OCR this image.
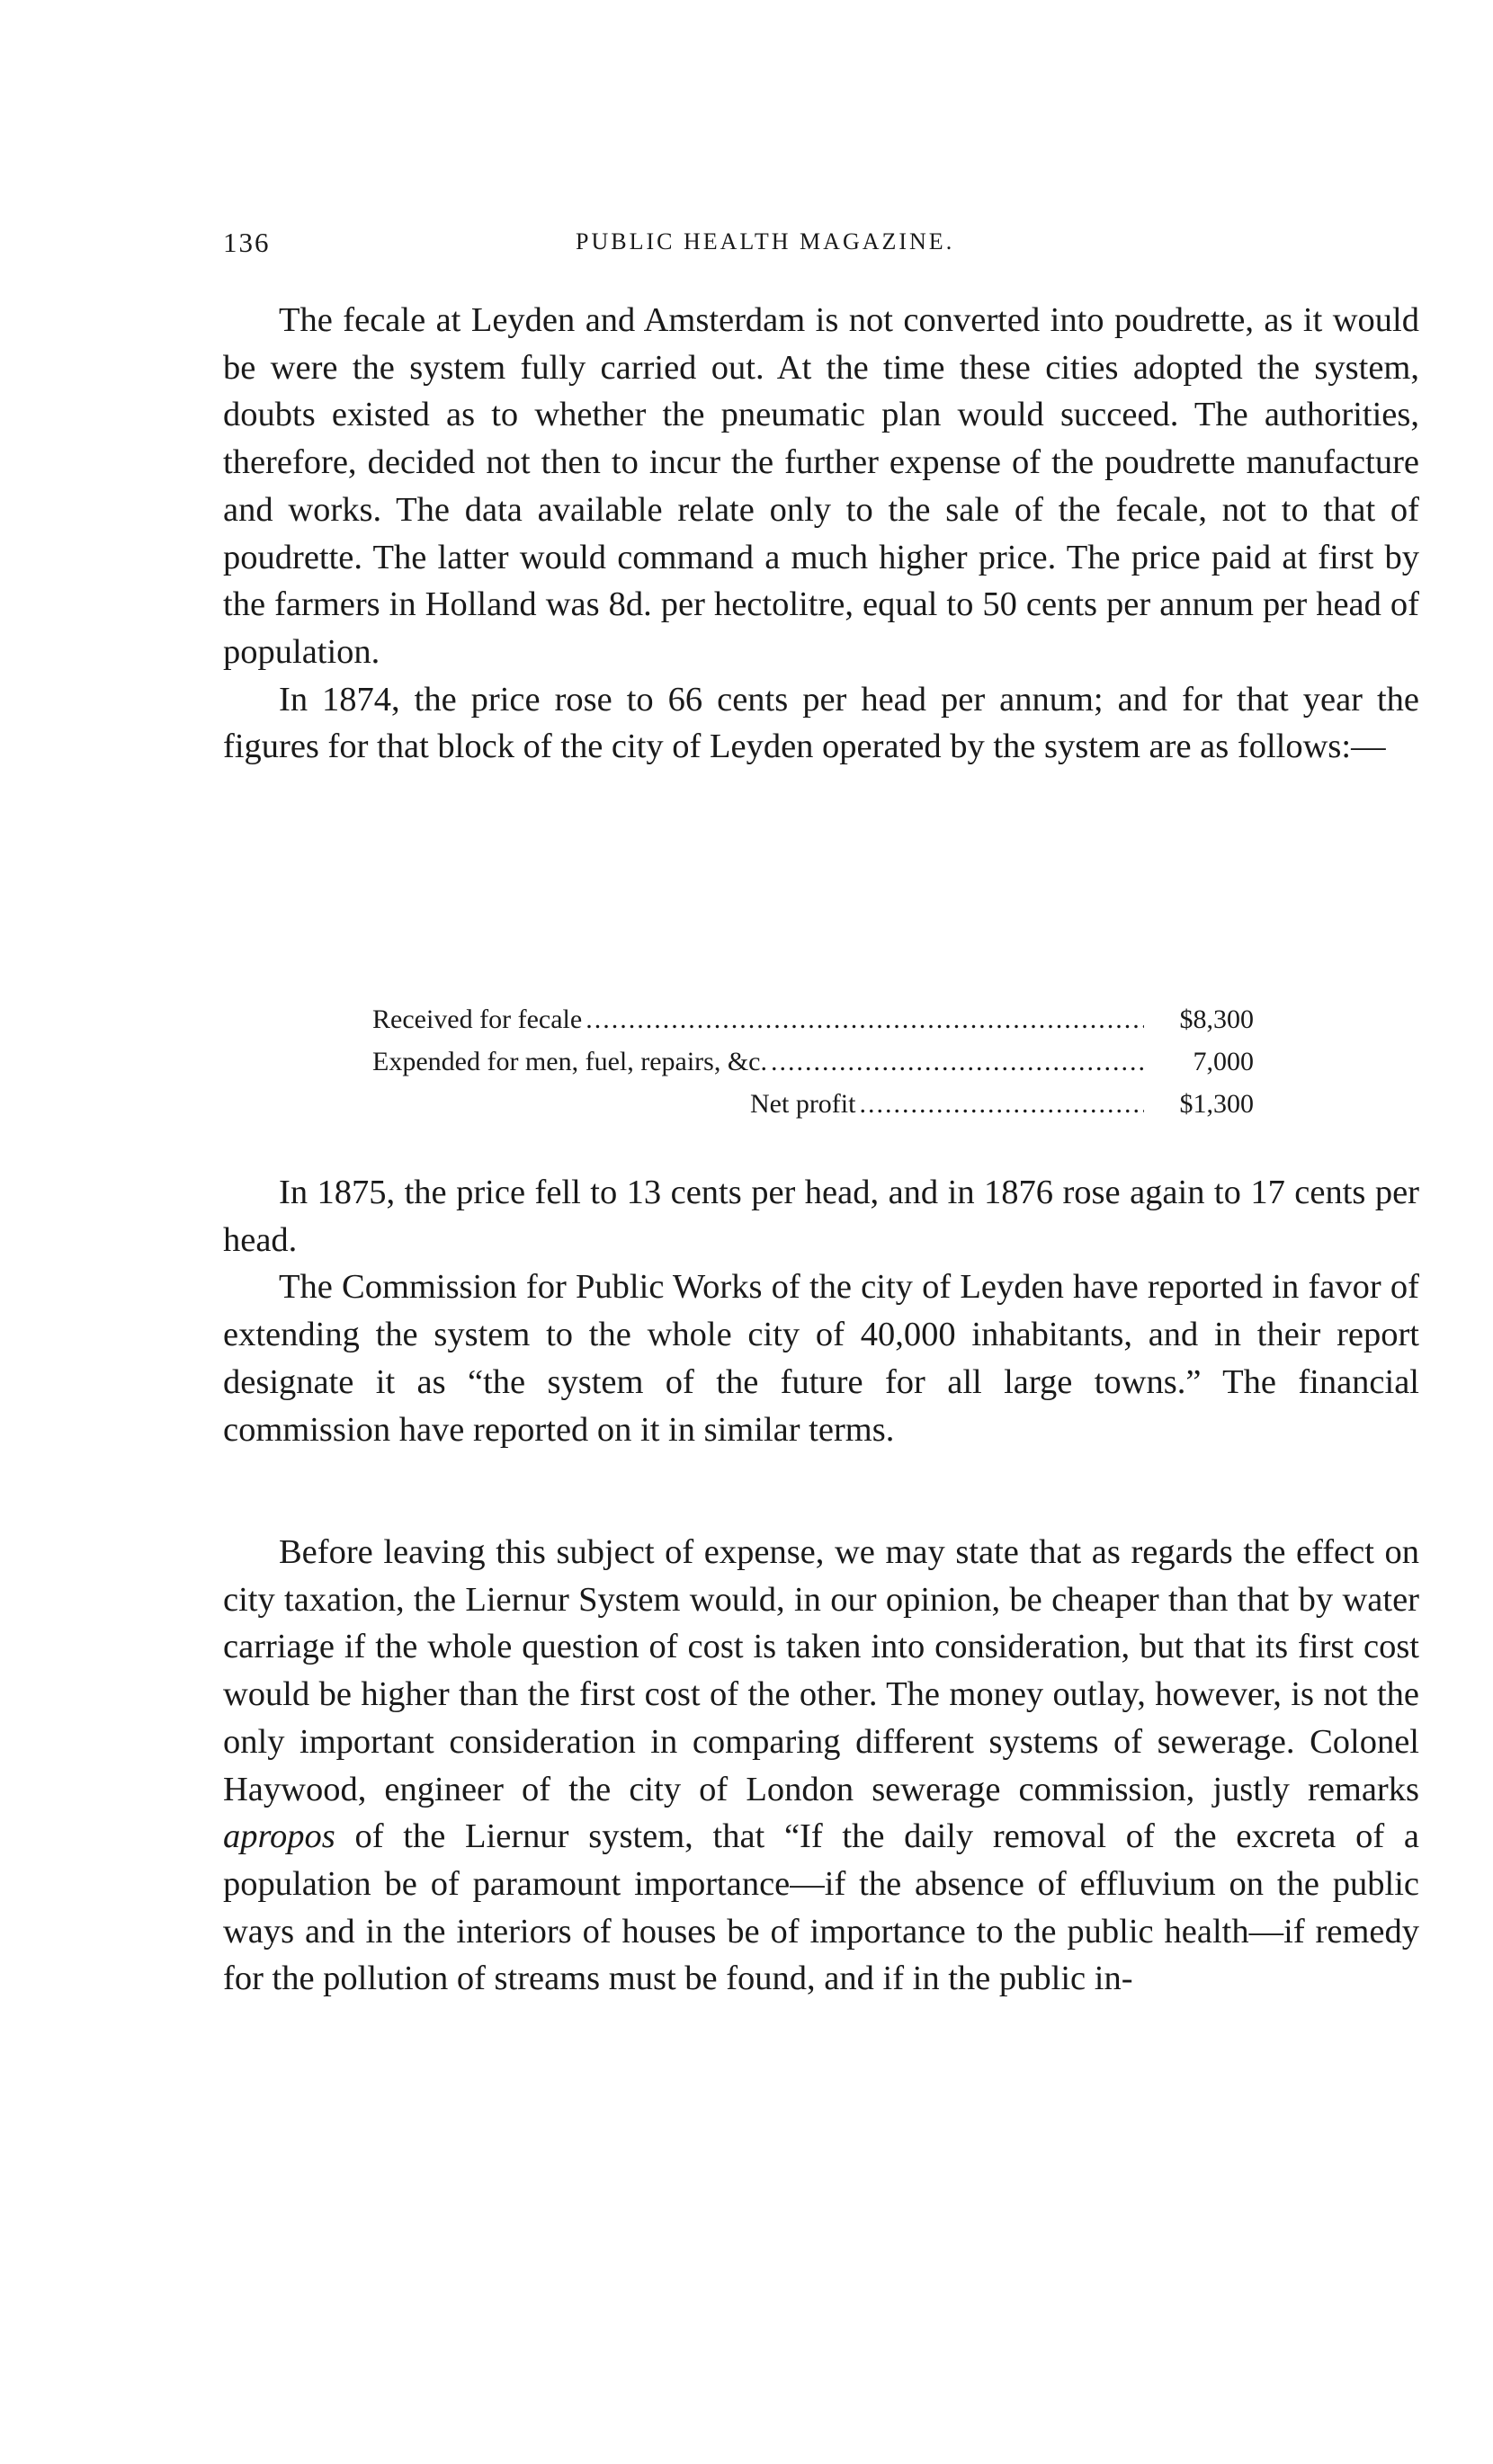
136	PUBLIC HEALTH MAGAZINE.

The fecale at Leyden and Amsterdam is not converted into poudrette, as it would be were the system fully carried out. At the time these cities adopted the system, doubts existed as to whether the pneumatic plan would succeed. The authorities, therefore, decided not then to incur the further expense of the poudrette manufacture and works. The data available relate only to the sale of the fecale, not to that of poudrette. The latter would command a much higher price. The price paid at first by the farmers in Holland was 8d. per hectolitre, equal to 50 cents per annum per head of population.

In 1874, the price rose to 66 cents per head per annum; and for that year the figures for that block of the city of Leyden operated by the system are as follows:—

Received for fecale .....	$8,300
Expended for men, fuel, repairs, &c. .....	7,000
Net profit .....	$1,300

In 1875, the price fell to 13 cents per head, and in 1876 rose again to 17 cents per head.

The Commission for Public Works of the city of Leyden have reported in favor of extending the system to the whole city of 40,000 inhabitants, and in their report designate it as “the system of the future for all large towns.” The financial commission have reported on it in similar terms.

Before leaving this subject of expense, we may state that as regards the effect on city taxation, the Liernur System would, in our opinion, be cheaper than that by water carriage if the whole question of cost is taken into consideration, but that its first cost would be higher than the first cost of the other. The money outlay, however, is not the only important consideration in comparing different systems of sewerage. Colonel Haywood, engineer of the city of London sewerage commission, justly remarks apropos of the Liernur system, that “If the daily removal of the excreta of a population be of paramount importance—if the absence of effluvium on the public ways and in the interiors of houses be of importance to the public health—if remedy for the pollution of streams must be found, and if in the public in-
